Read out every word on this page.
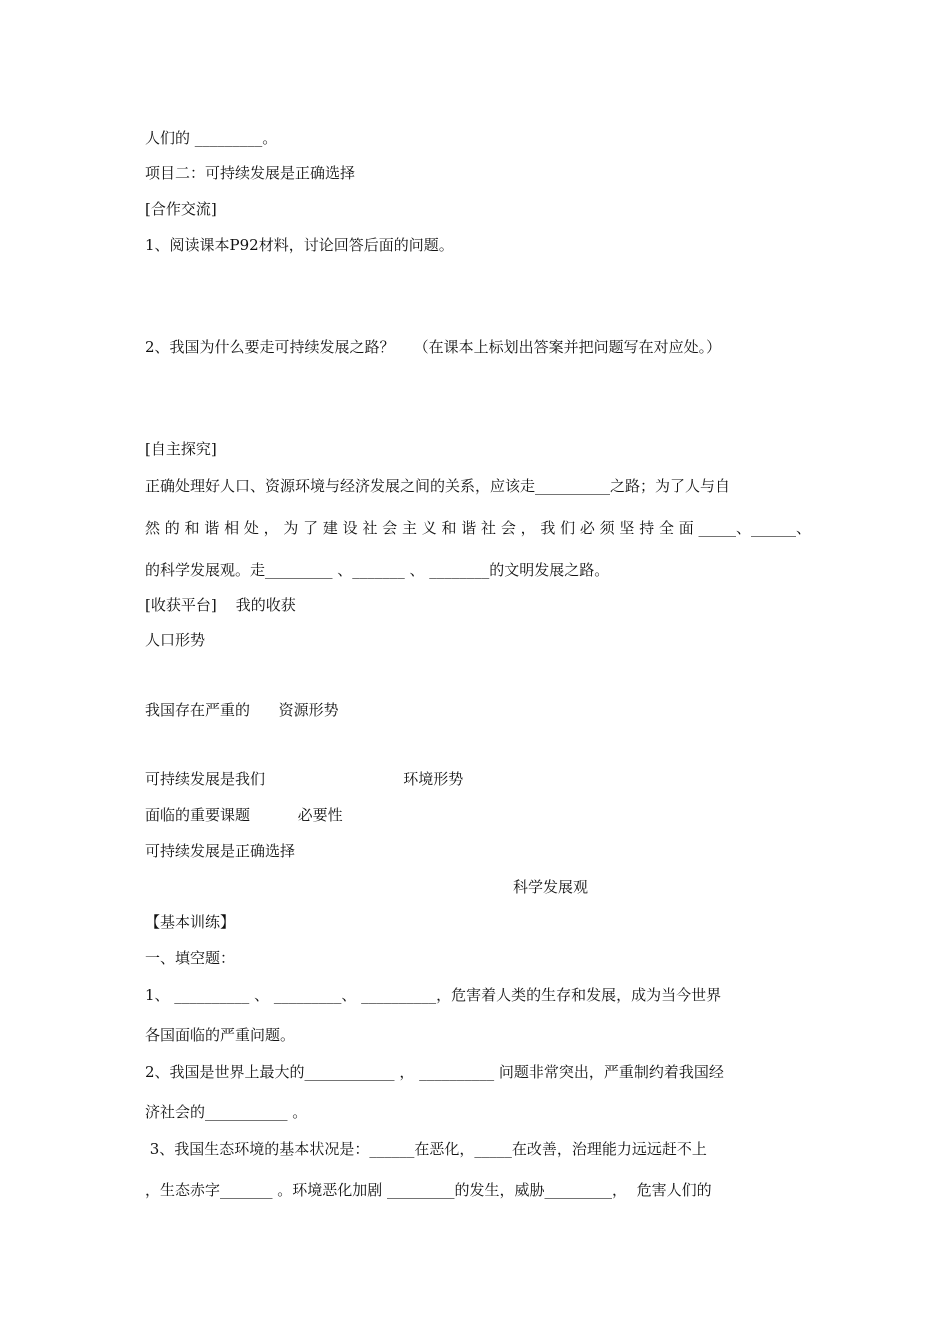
人们的 _________。
项目二：可持续发展是正确选择
[合作交流]
1、阅读课本P92材料，讨论回答后面的问题。
2、我国为什么要走可持续发展之路？    （在课本上标划出答案并把问题写在对应处。）
[自主探究]
正确处理好人口、资源环境与经济发展之间的关系，应该走__________之路；为了人与自
然 的 和 谐 相 处 ， 为 了 建 设 社 会 主 义 和 谐 社 会 ， 我 们 必 须 坚 持 全 面 _____、______、
的科学发展观。走_________ 、_______ 、 ________的文明发展之路。
[收获平台]    我的收获
人口形势
我国存在严重的      资源形势
可持续发展是我们                             环境形势
面临的重要课题          必要性
可持续发展是正确选择
科学发展观
【基本训练】
一、填空题：
1、 __________ 、 _________、 __________，危害着人类的生存和发展，成为当今世界
各国面临的严重问题。
2、我国是世界上最大的____________ ， __________ 问题非常突出，严重制约着我国经
济社会的___________ 。
3、我国生态环境的基本状况是：______在恶化，_____在改善，治理能力远远赶不上
，生态赤字_______ 。环境恶化加剧 _________的发生，威胁_________，  危害人们的
